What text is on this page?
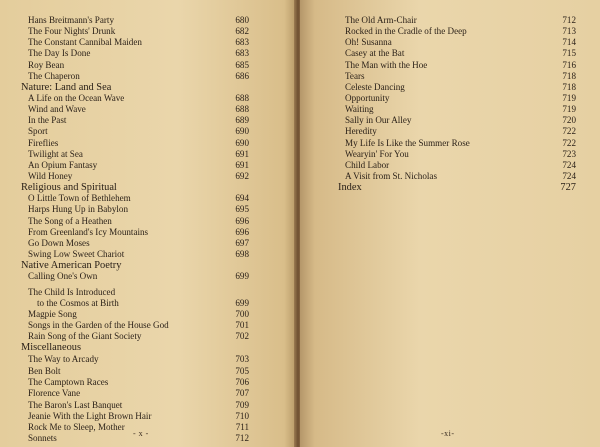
Hans Breitmann's Party	680
The Four Nights' Drunk	682
The Constant Cannibal Maiden	683
The Day Is Done	683
Roy Bean	685
The Chaperon	686
Nature: Land and Sea
A Life on the Ocean Wave	688
Wind and Wave	688
In the Past	689
Sport	690
Fireflies	690
Twilight at Sea	691
An Opium Fantasy	691
Wild Honey	692
Religious and Spiritual
O Little Town of Bethlehem	694
Harps Hung Up in Babylon	695
The Song of a Heathen	696
From Greenland's Icy Mountains	696
Go Down Moses	697
Swing Low Sweet Chariot	698
Native American Poetry
Calling One's Own	699
The Child Is Introduced
to the Cosmos at Birth	699
Magpie Song	700
Songs in the Garden of the House God	701
Rain Song of the Giant Society	702
Miscellaneous
The Way to Arcady	703
Ben Bolt	705
The Camptown Races	706
Florence Vane	707
The Baron's Last Banquet	709
Jeanie With the Light Brown Hair	710
Rock Me to Sleep, Mother	711
Sonnets	712
- x -
The Old Arm-Chair	712
Rocked in the Cradle of the Deep	713
Oh! Susanna	714
Casey at the Bat	715
The Man with the Hoe	716
Tears	718
Celeste Dancing	718
Opportunity	719
Waiting	719
Sally in Our Alley	720
Heredity	722
My Life Is Like the Summer Rose	722
Wearyin' For You	723
Child Labor	724
A Visit from St. Nicholas	724
Index	727
-xi-
